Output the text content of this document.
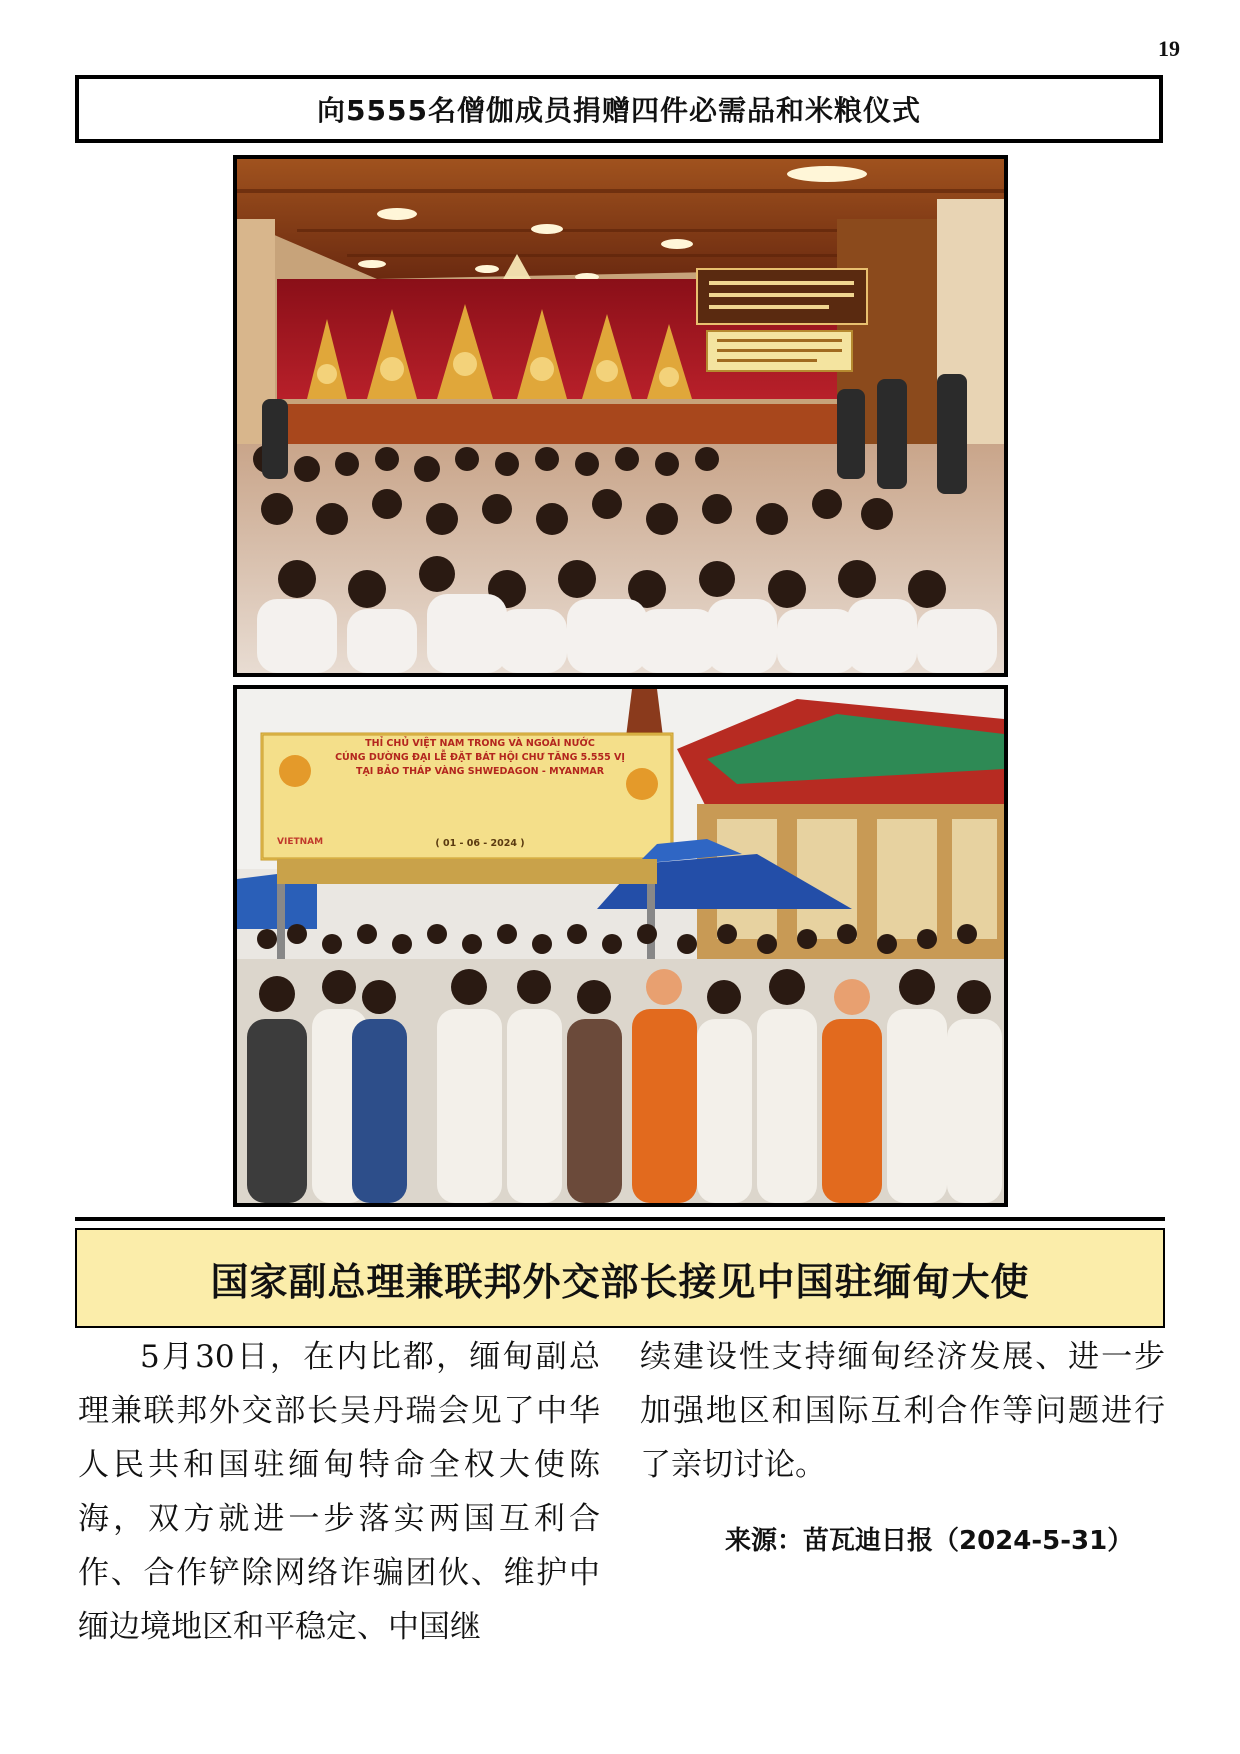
19
向5555名僧伽成员捐赠四件必需品和米粮仪式
THỈ CHỦ VIỆT NAM TRONG VÀ NGOÀI NƯỚC
CÚNG DƯỜNG ĐẠI LỄ ĐẶT BÁT HỘI CHƯ TĂNG 5.555 VỊ
TẠI BẢO THÁP VÀNG SHWEDAGON - MYANMAR
( 01 - 06 - 2024 )
VIETNAM
国家副总理兼联邦外交部长接见中国驻缅甸大使
5月30日，在内比都，缅甸副总理兼联邦外交部长吴丹瑞会见了中华人民共和国驻缅甸特命全权大使陈海，双方就进一步落实两国互利合作、合作铲除网络诈骗团伙、维护中缅边境地区和平稳定、中国继
续建设性支持缅甸经济发展、进一步加强地区和国际互利合作等问题进行了亲切讨论。
来源：苗瓦迪日报（2024-5-31）
